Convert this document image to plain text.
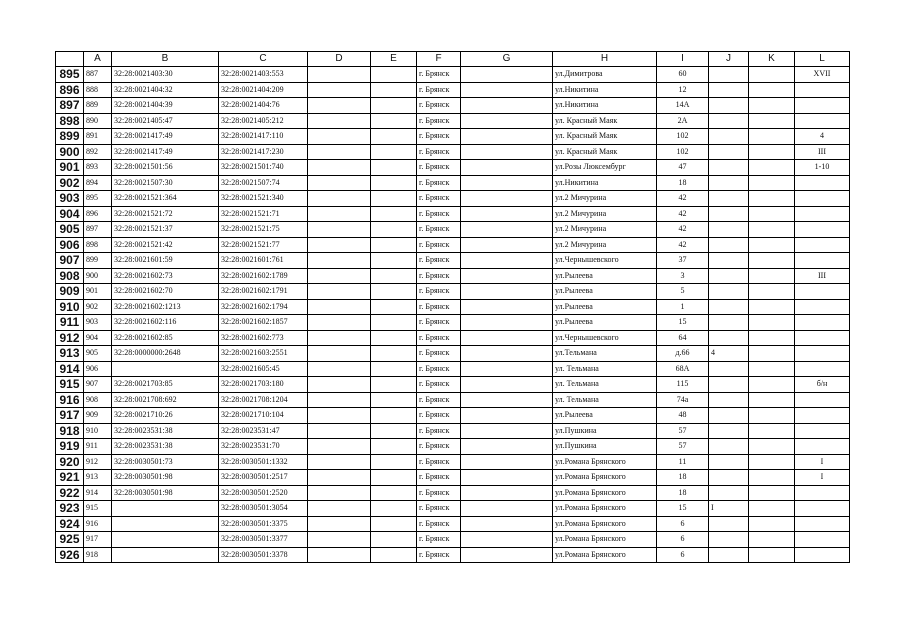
	A	B	C	D	E	F	G	H	I	J	K	L
895	887	32:28:0021403:30	32:28:0021403:553			г. Брянск		ул.Димитрова	60			XVII
896	888	32:28:0021404:32	32:28:0021404:209			г. Брянск		ул.Никитина	12			
897	889	32:28:0021404:39	32:28:0021404:76			г. Брянск		ул.Никитина	14А			
898	890	32:28:0021405:47	32:28:0021405:212			г. Брянск		ул. Красный Маяк	2А			
899	891	32:28:0021417:49	32:28:0021417:110			г. Брянск		ул. Красный Маяк	102			4
900	892	32:28:0021417:49	32:28:0021417:230			г. Брянск		ул. Красный Маяк	102			III
901	893	32:28:0021501:56	32:28:0021501:740			г. Брянск		ул.Розы Люксембург	47			1-10
902	894	32:28:0021507:30	32:28:0021507:74			г. Брянск		ул.Никитина	18			
903	895	32:28:0021521:364	32:28:0021521:340			г. Брянск		ул.2 Мичурина	42			
904	896	32:28:0021521:72	32:28:0021521:71			г. Брянск		ул.2 Мичурина	42			
905	897	32:28:0021521:37	32:28:0021521:75			г. Брянск		ул.2 Мичурина	42			
906	898	32:28:0021521:42	32:28:0021521:77			г. Брянск		ул.2 Мичурина	42			
907	899	32:28:0021601:59	32:28:0021601:761			г. Брянск		ул.Чернышевского	37			
908	900	32:28:0021602:73	32:28:0021602:1789			г. Брянск		ул.Рылеева	3			III
909	901	32:28:0021602:70	32:28:0021602:1791			г. Брянск		ул.Рылеева	5			
910	902	32:28:0021602:1213	32:28:0021602:1794			г. Брянск		ул.Рылеева	1			
911	903	32:28:0021602:116	32:28:0021602:1857			г. Брянск		ул.Рылеева	15			
912	904	32:28:0021602:85	32:28:0021602:773			г. Брянск		ул.Чернышевского	64			
913	905	32:28:0000000:2648	32:28:0021603:2551			г. Брянск		ул.Тельмана	д.66	4		
914	906		32:28:0021605:45			г. Брянск		ул. Тельмана	68А			
915	907	32:28:0021703:85	32:28:0021703:180			г. Брянск		ул. Тельмана	115			б/н
916	908	32:28:0021708:692	32:28:0021708:1204			г. Брянск		ул. Тельмана	74а			
917	909	32:28:0021710:26	32:28:0021710:104			г. Брянск		ул.Рылеева	48			
918	910	32:28:0023531:38	32:28:0023531:47			г. Брянск		ул.Пушкина	57			
919	911	32:28:0023531:38	32:28:0023531:70			г. Брянск		ул.Пушкина	57			
920	912	32:28:0030501:73	32:28:0030501:1332			г. Брянск		ул.Романа Брянского	11			I
921	913	32:28:0030501:98	32:28:0030501:2517			г. Брянск		ул.Романа Брянского	18			I
922	914	32:28:0030501:98	32:28:0030501:2520			г. Брянск		ул.Романа Брянского	18			
923	915		32:28:0030501:3054			г. Брянск		ул.Романа Брянского	15	I		
924	916		32:28:0030501:3375			г. Брянск		ул.Романа Брянского	6			
925	917		32:28:0030501:3377			г. Брянск		ул.Романа Брянского	6			
926	918		32:28:0030501:3378			г. Брянск		ул.Романа Брянского	6			
